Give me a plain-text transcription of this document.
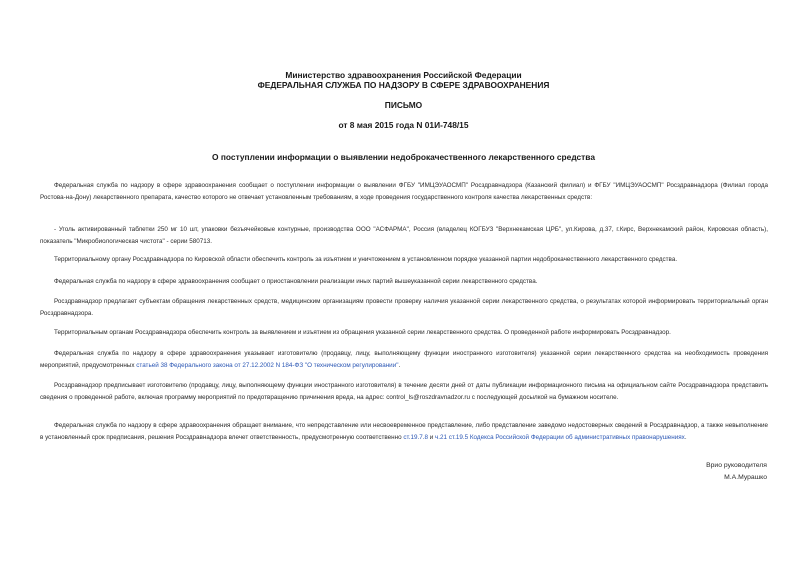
Министерство здравоохранения Российской Федерации
ФЕДЕРАЛЬНАЯ СЛУЖБА ПО НАДЗОРУ В СФЕРЕ ЗДРАВООХРАНЕНИЯ
ПИСЬМО
от 8 мая 2015 года N 01И-748/15
О поступлении информации о выявлении недоброкачественного лекарственного средства
Федеральная служба по надзору в сфере здравоохранения сообщает о поступлении информации о выявлении ФГБУ "ИМЦЭУАОСМП" Росздравнадзора (Казанский филиал) и ФГБУ "ИМЦЭУАОСМП" Росздравнадзора (Филиал города Ростова-на-Дону) лекарственного препарата, качество которого не отвечает установленным требованиям, в ходе проведения государственного контроля качества лекарственных средств:
- Уголь активированный таблетки 250 мг 10 шт, упаковки безъячейковые контурные, производства ООО "АСФАРМА", Россия (владелец КОГБУЗ "Верхнекамская ЦРБ", ул.Кирова, д.37, г.Кирс, Верхнекамский район, Кировская область), показатель "Микробиологическая чистота" - серии 580713.
Территориальному органу Росздравнадзора по Кировской области обеспечить контроль за изъятием и уничтожением в установленном порядке указанной партии недоброкачественного лекарственного средства.
Федеральная служба по надзору в сфере здравоохранения сообщает о приостановлении реализации иных партий вышеуказанной серии лекарственного средства.
Росздравнадзор предлагает субъектам обращения лекарственных средств, медицинским организациям провести проверку наличия указанной серии лекарственного средства, о результатах которой информировать территориальный орган Росздравнадзора.
Территориальным органам Росздравнадзора обеспечить контроль за выявлением и изъятием из обращения указанной серии лекарственного средства. О проведенной работе информировать Росздравнадзор.
Федеральная служба по надзору в сфере здравоохранения указывает изготовителю (продавцу, лицу, выполняющему функции иностранного изготовителя) указанной серии лекарственного средства на необходимость проведения мероприятий, предусмотренных статьей 38 Федерального закона от 27.12.2002 N 184-ФЗ "О техническом регулировании".
Росздравнадзор предписывает изготовителю (продавцу, лицу, выполняющему функции иностранного изготовителя) в течение десяти дней от даты публикации информационного письма на официальном сайте Росздравнадзора представить сведения о проведенной работе, включая программу мероприятий по предотвращению причинения вреда, на адрес: control_ls@roszdravnadzor.ru с последующей досылкой на бумажном носителе.
Федеральная служба по надзору в сфере здравоохранения обращает внимание, что непредставление или несвоевременное представление, либо представление заведомо недостоверных сведений в Росздравнадзор, а также невыполнение в установленный срок предписания, решения Росздравнадзора влечет ответственность, предусмотренную соответственно ст.19.7.8 и ч.21 ст.19.5 Кодекса Российской Федерации об административных правонарушениях.
Врио руководителя
М.А.Мурашко
